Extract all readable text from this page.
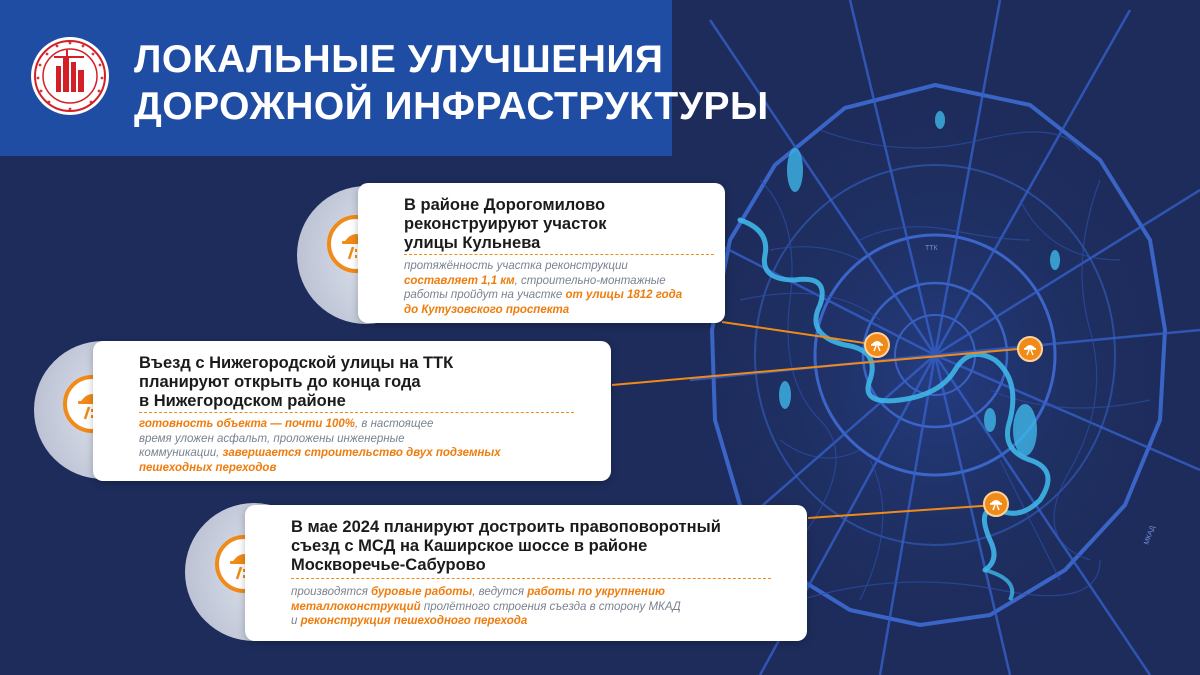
ТТК
МКАД
ЛОКАЛЬНЫЕ УЛУЧШЕНИЯ
ДОРОЖНОЙ ИНФРАСТРУКТУРЫ
В районе Дорогомилово
реконструируют участок
улицы Кульнева
протяжённость участка реконструкции
составляет 1,1 км, строительно-монтажные
работы пройдут на участке от улицы 1812 года
до Кутузовского проспекта
Въезд с Нижегородской улицы на ТТК
планируют открыть до конца года
в Нижегородском районе
готовность объекта — почти 100%, в настоящее
время уложен асфальт, проложены инженерные
коммуникации, завершается строительство двух подземных
пешеходных переходов
В мае 2024 планируют достроить правоповоротный
съезд с МСД на Каширское шоссе в районе
Москворечье-Сабурово
производятся буровые работы, ведутся работы по укрупнению
металлоконструкций пролётного строения съезда в сторону МКАД
и реконструкция пешеходного перехода
